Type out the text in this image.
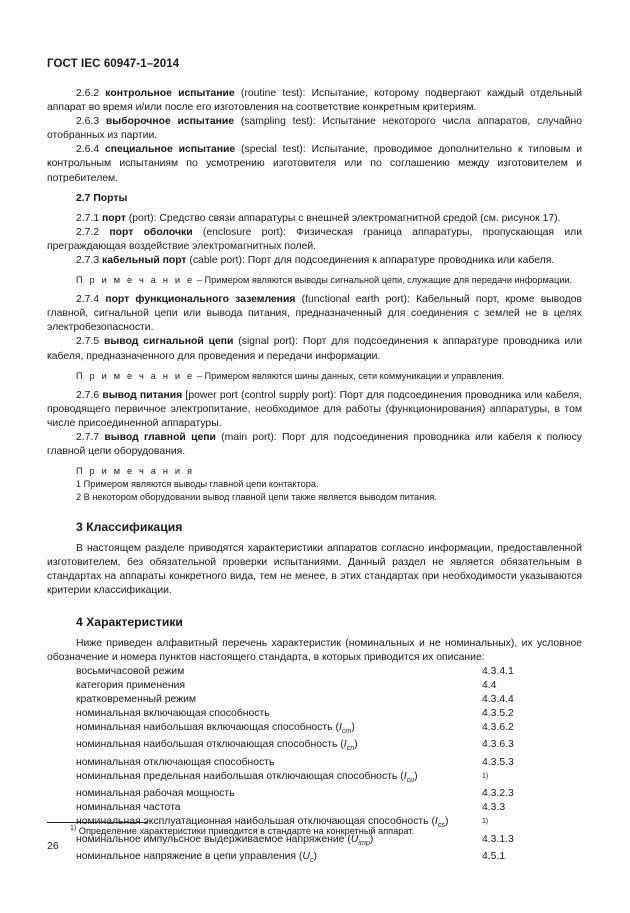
ГОСТ IEC 60947-1–2014

2.6.2 контрольное испытание (routine test): Испытание, которому подвергают каждый отдельный аппарат во время и/или после его изготовления на соответствие конкретным критериям.

2.6.3 выборочное испытание (sampling test): Испытание некоторого числа аппаратов, случайно отобранных из партии.

2.6.4 специальное испытание (special test): Испытание, проводимое дополнительно к типовым и контрольным испытаниям по усмотрению изготовителя или по соглашению между изготовителем и потребителем.

2.7 Порты

2.7.1 порт (port): Средство связи аппаратуры с внешней электромагнитной средой (см. рисунок 17).

2.7.2 порт оболочки (enclosure port): Физическая граница аппаратуры, пропускающая или преграждающая воздействие электромагнитных полей.

2.7.3 кабельный порт (cable port): Порт для подсоединения к аппаратуре проводника или кабеля.

П р и м е ч а н и е – Примером являются выводы сигнальной цепи, служащие для передачи информации.

2.7.4 порт функционального заземления (functional earth port): Кабельный порт, кроме выводов главной, сигнальной цепи или вывода питания, предназначенный для соединения с землей не в целях электробезопасности.

2.7.5 вывод сигнальной цепи (signal port): Порт для подсоединения к аппаратуре проводника или кабеля, предназначенного для проведения и передачи информации.

П р и м е ч а н и е – Примером являются шины данных, сети коммуникации и управления.

2.7.6 вывод питания [power port (control supply port): Порт для подсоединения проводника или кабеля, проводящего первичное электропитание, необходимое для работы (функционирования) аппаратуры, в том числе присоединенной аппаратуры.

2.7.7 вывод главной цепи (main port): Порт для подсоединения проводника или кабеля к полюсу главной цепи оборудования.

П р и м е ч а н и я
1 Примером являются выводы главной цепи контактора.
2 В некотором оборудовании вывод главной цепи также является выводом питания.
3 Классификация

В настоящем разделе приводятся характеристики аппаратов согласно информации, предоставленной изготовителем, без обязательной проверки испытаниями. Данный раздел не является обязательным в стандартах на аппараты конкретного вида, тем не менее, в этих стандартах при необходимости указываются критерии классификации.

4 Характеристики

Ниже приведен алфавитный перечень характеристик (номинальных и не номинальных), их условное обозначение и номера пунктов настоящего стандарта, в которых приводится их описание:

восьмичасовой режим	4.3.4.1
категория применения	4.4
кратковременный режим	4.3.4.4
номинальная включающая способность	4.3.5.2
номинальная наибольшая включающая способность $(I_{cm})$	4.3.6.2
номинальная наибольшая отключающая способность $(I_{cn})$	4.3.6.3
номинальная отключающая способность	4.3.5.3
номинальная предельная наибольшая отключающая способность $(I_{cu})$	$^{1)}$
номинальная рабочая мощность	4.3.2.3
номинальная частота	4.3.3
номинальная эксплуатационная наибольшая отключающая способность $(I_{cs})$	$^{1)}$
номинальное импульсное выдерживаемое напряжение $(U_{imp})$	4.3.1.3
номинальное напряжение в цепи управления $(U_c)$	4.5.1
$^{1)}$ Определение характеристики приводится в стандарте на конкретный аппарат.
26
